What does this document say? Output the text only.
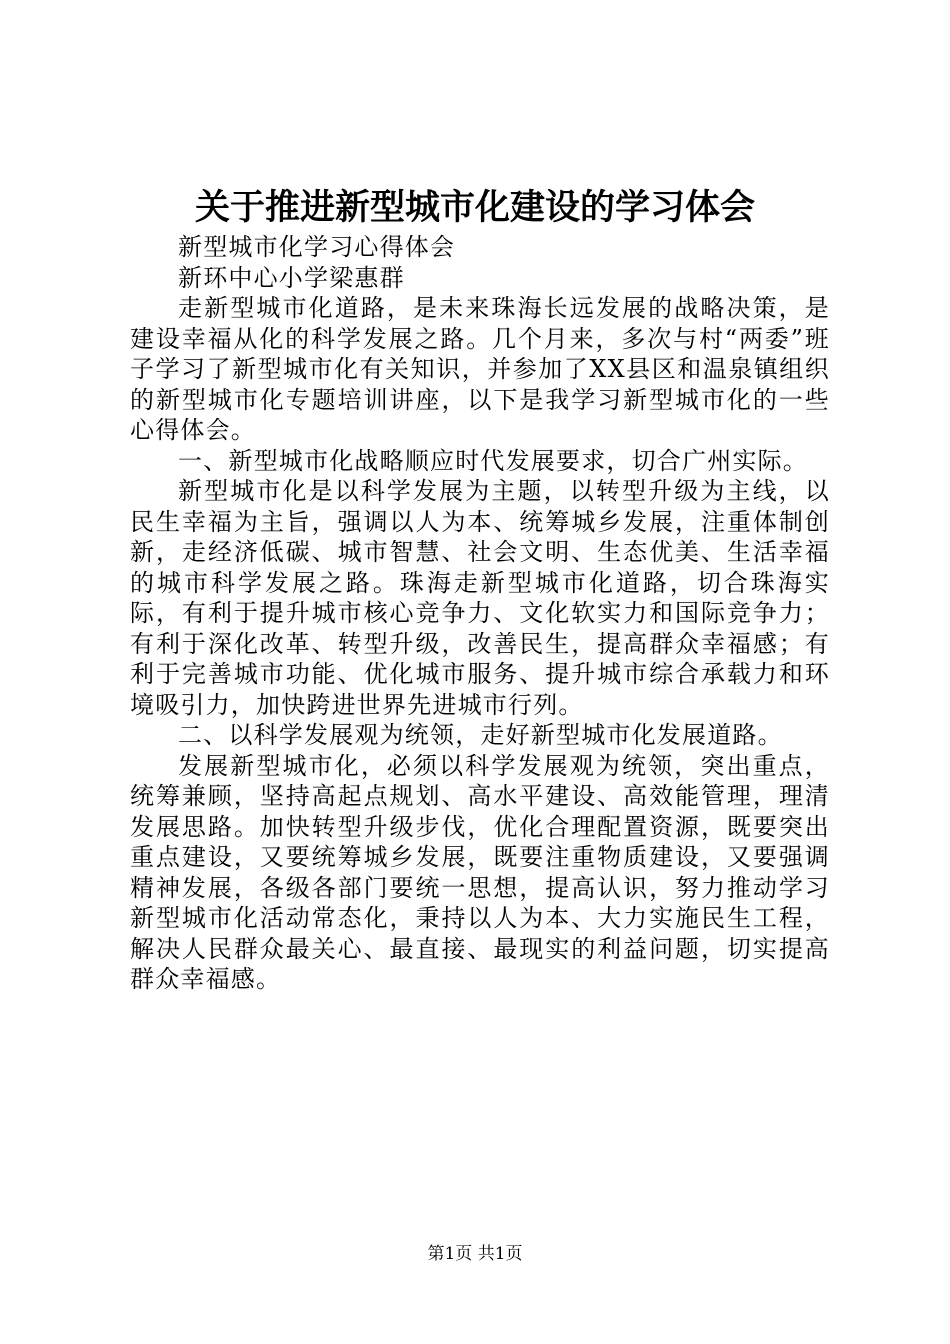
关于推进新型城市化建设的学习体会

新型城市化学习心得体会

新环中心小学梁惠群

走新型城市化道路，是未来珠海长远发展的战略决策，是建设幸福从化的科学发展之路。几个月来，多次与村“两委”班子学习了新型城市化有关知识，并参加了XX县区和温泉镇组织的新型城市化专题培训讲座，以下是我学习新型城市化的一些心得体会。

一、新型城市化战略顺应时代发展要求，切合广州实际。

新型城市化是以科学发展为主题，以转型升级为主线，以民生幸福为主旨，强调以人为本、统筹城乡发展，注重体制创新，走经济低碳、城市智慧、社会文明、生态优美、生活幸福的城市科学发展之路。珠海走新型城市化道路，切合珠海实际，有利于提升城市核心竞争力、文化软实力和国际竞争力；有利于深化改革、转型升级，改善民生，提高群众幸福感；有利于完善城市功能、优化城市服务、提升城市综合承载力和环境吸引力，加快跨进世界先进城市行列。

二、以科学发展观为统领，走好新型城市化发展道路。

发展新型城市化，必须以科学发展观为统领，突出重点，统筹兼顾，坚持高起点规划、高水平建设、高效能管理，理清发展思路。加快转型升级步伐，优化合理配置资源，既要突出重点建设，又要统筹城乡发展，既要注重物质建设，又要强调精神发展，各级各部门要统一思想，提高认识，努力推动学习新型城市化活动常态化，秉持以人为本、大力实施民生工程，解决人民群众最关心、最直接、最现实的利益问题，切实提高群众幸福感。

第1页 共1页
